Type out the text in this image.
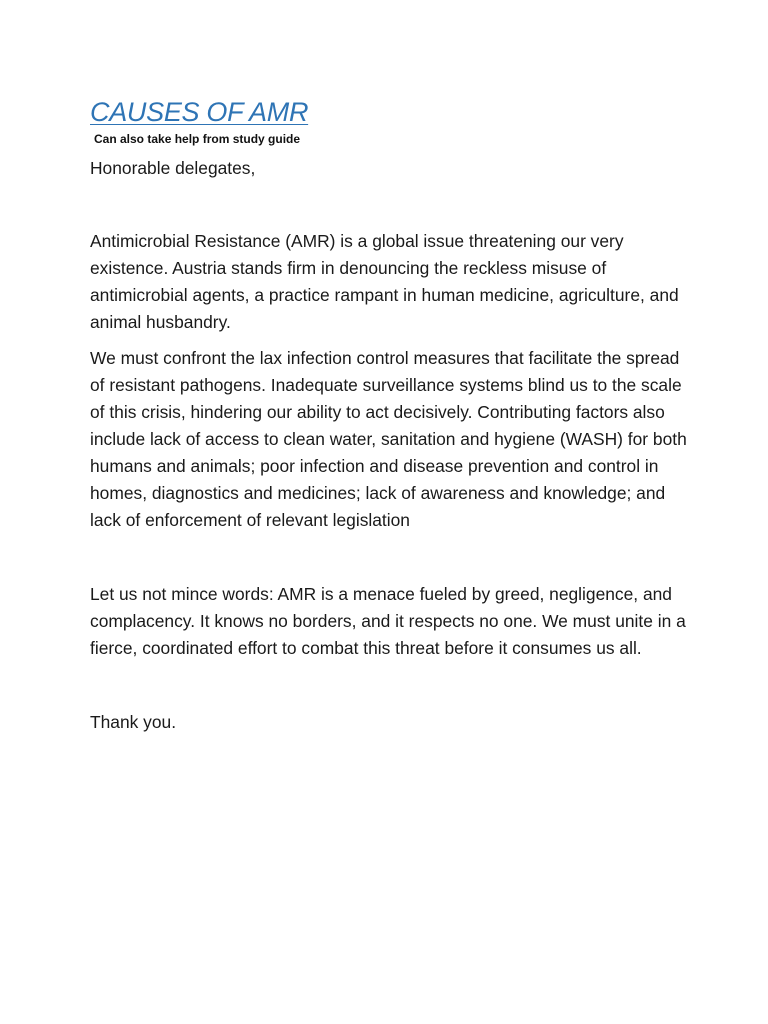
CAUSES OF AMR
Can also take help from study guide

Honorable delegates,

Antimicrobial Resistance (AMR) is a global issue threatening our very existence. Austria stands firm in denouncing the reckless misuse of antimicrobial agents, a practice rampant in human medicine, agriculture, and animal husbandry.

We must confront the lax infection control measures that facilitate the spread of resistant pathogens. Inadequate surveillance systems blind us to the scale of this crisis, hindering our ability to act decisively. Contributing factors also include lack of access to clean water, sanitation and hygiene (WASH) for both humans and animals; poor infection and disease prevention and control in homes, diagnostics and medicines; lack of awareness and knowledge; and lack of enforcement of relevant legislation

Let us not mince words: AMR is a menace fueled by greed, negligence, and complacency. It knows no borders, and it respects no one. We must unite in a fierce, coordinated effort to combat this threat before it consumes us all.

Thank you.
